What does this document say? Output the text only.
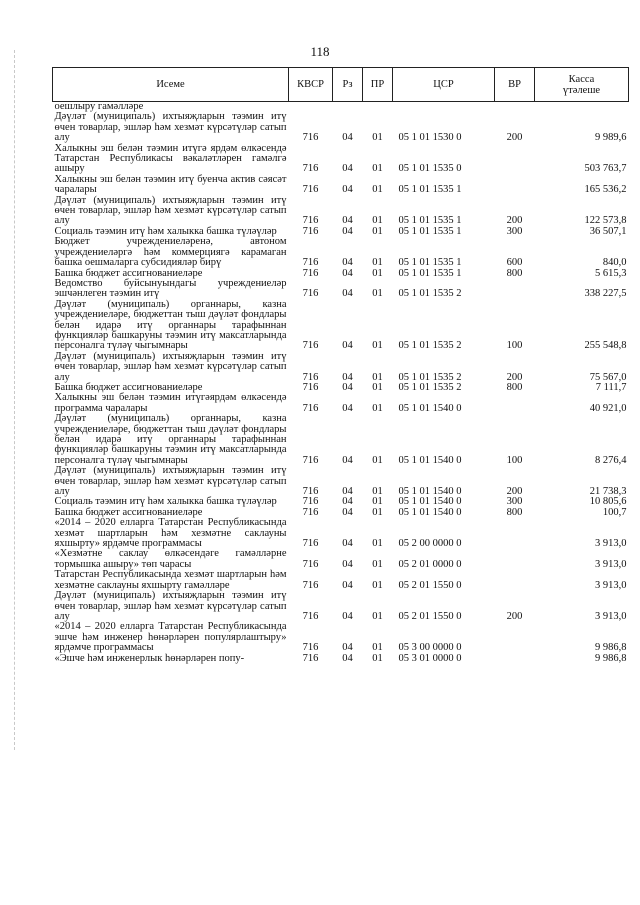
118
Исеме	КВСР	Рз	ПР	ЦСР	ВР	Касса
үтәлеше
оешлыру гамәлләре						
Дәүләт (муниципаль) ихтыяҗларын тәэмин итү өчен товарлар, эшләр һәм хезмәт күрсәтүләр сатып алу	716	04	01	05 1 01 1530 0	200	9 989,6
Халыкны эш белән тәэмин итүгә ярдәм өлкәсендә Татарстан Республикасы вәкаләтләрен гамәлгә ашыру	716	04	01	05 1 01 1535 0		503 763,7
Халыкны эш белән тәэмин итү буенча актив сәясәт чаралары	716	04	01	05 1 01 1535 1		165 536,2
Дәүләт (муниципаль) ихтыяҗларын тәэмин итү өчен товарлар, эшләр һәм хезмәт күрсәтүләр сатып алу	716	04	01	05 1 01 1535 1	200	122 573,8
Социаль тәэмин итү һәм халыкка башка түләүләр	716	04	01	05 1 01 1535 1	300	36 507,1
Бюджет учреждениеләренә, автоном учреждениеләргә һәм коммерциягә карамаган башка оешмаларга субсидияләр бирү	716	04	01	05 1 01 1535 1	600	840,0
Башка бюджет ассигнованиеләре	716	04	01	05 1 01 1535 1	800	5 615,3
Ведомство буйсынуындагы учреждениеләр эшчәнлеген тәэмин итү	716	04	01	05 1 01 1535 2		338 227,5
Дәүләт (муниципаль) органнары, казна учреждениеләре, бюджеттан тыш дәүләт фондлары белән идарә итү органнары тарафыннан функцияләр башкаруны тәэмин итү максатларында персоналга түләү чыгымнары	716	04	01	05 1 01 1535 2	100	255 548,8
Дәүләт (муниципаль) ихтыяҗларын тәэмин итү өчен товарлар, эшләр һәм хезмәт күрсәтүләр сатып алу	716	04	01	05 1 01 1535 2	200	75 567,0
Башка бюджет ассигнованиеләре	716	04	01	05 1 01 1535 2	800	7 111,7
Халыкны эш белән тәэмин итүгәярдәм өлкәсендә программа чаралары	716	04	01	05 1 01 1540 0		40 921,0
Дәүләт (муниципаль) органнары, казна учреждениеләре, бюджеттан тыш дәүләт фондлары белән идарә итү органнары тарафыннан функцияләр башкаруны тәэмин итү максатларында персоналга түләү чыгымнары	716	04	01	05 1 01 1540 0	100	8 276,4
Дәүләт (муниципаль) ихтыяҗларын тәэмин итү өчен товарлар, эшләр һәм хезмәт күрсәтүләр сатып алу	716	04	01	05 1 01 1540 0	200	21 738,3
Социаль тәэмин итү һәм халыкка башка түләүләр	716	04	01	05 1 01 1540 0	300	10 805,6
Башка бюджет ассигнованиеләре	716	04	01	05 1 01 1540 0	800	100,7
«2014 – 2020 елларга Татарстан Республикасында хезмәт шартларын һәм хезмәтне саклауны яхшырту» ярдәмче программасы	716	04	01	05 2 00 0000 0		3 913,0
«Хезмәтне саклау өлкәсендәге гамәлләрне тормышка ашыру» төп чарасы	716	04	01	05 2 01 0000 0		3 913,0
Татарстан Республикасында хезмәт шартларын һәм хезмәтне саклауны яхшырту гамәлләре	716	04	01	05 2 01 1550 0		3 913,0
Дәүләт (муниципаль) ихтыяҗларын тәэмин итү өчен товарлар, эшләр һәм хезмәт күрсәтүләр сатып алу	716	04	01	05 2 01 1550 0	200	3 913,0
«2014 – 2020 елларга Татарстан Республикасында эшче һәм инженер һөнәрләрен популярлаштыру» ярдәмче программасы	716	04	01	05 3 00 0000 0		9 986,8
«Эшче һәм инженерлык һөнәрләрен попу-	716	04	01	05 3 01 0000 0		9 986,8
